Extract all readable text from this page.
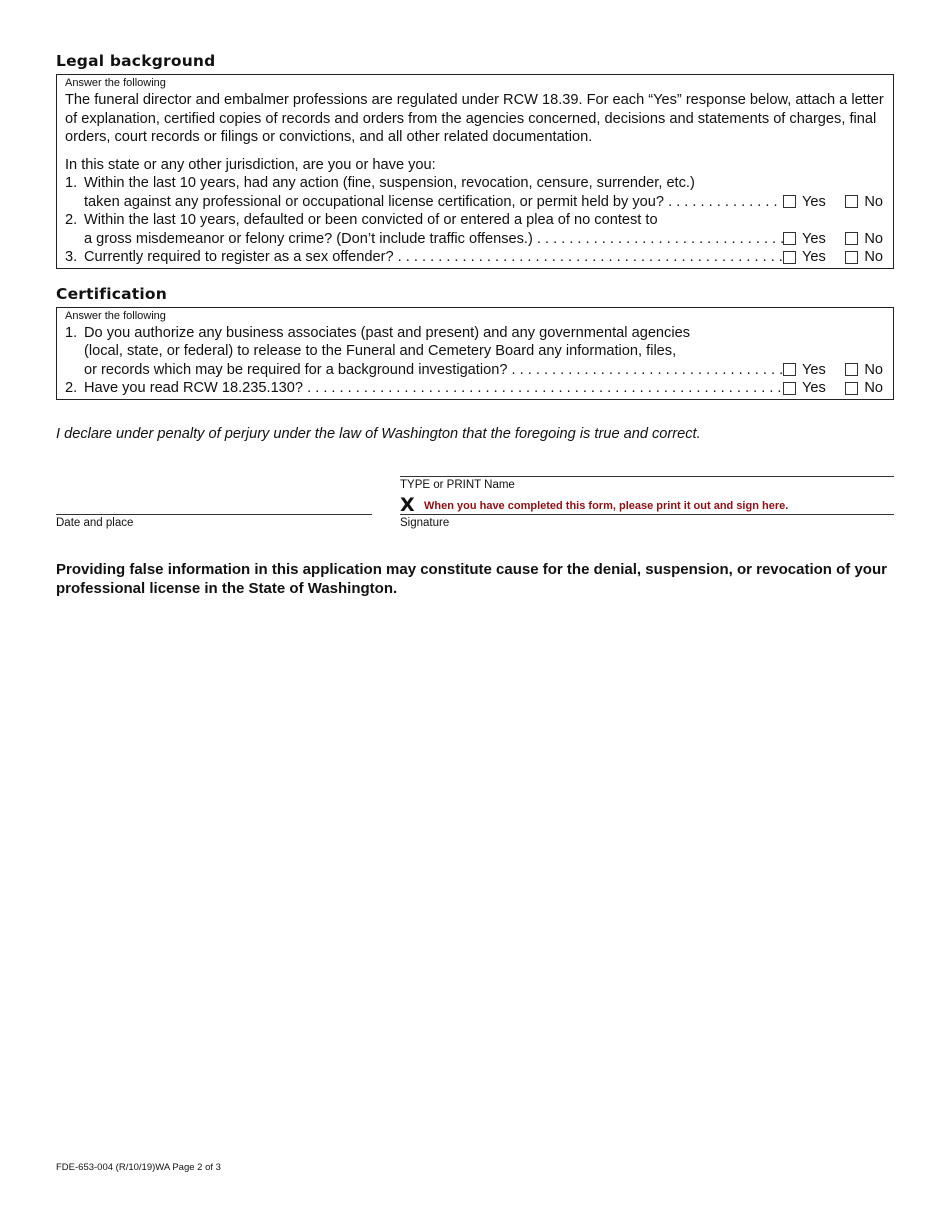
Legal background
Answer the following

The funeral director and embalmer professions are regulated under RCW 18.39. For each “Yes” response below, attach a letter of explanation, certified copies of records and orders from the agencies concerned, decisions and statements of charges, final orders, court records or filings or convictions, and all other related documentation.

In this state or any other jurisdiction, are you or have you:

1. Within the last 10 years, had any action (fine, suspension, revocation, censure, surrender, etc.)
taken against any professional or occupational license certification, or permit held by you? . . .	Yes	No
2. Within the last 10 years, defaulted or been convicted of or entered a plea of no contest to
a gross misdemeanor or felony crime? (Don’t include traffic offenses.) . . .	Yes	No
3. Currently required to register as a sex offender? . . .	Yes	No
Certification
Answer the following
1. Do you authorize any business associates (past and present) and any governmental agencies
(local, state, or federal) to release to the Funeral and Cemetery Board any information, files,
or records which may be required for a background investigation? . . .	Yes	No
2. Have you read RCW 18.235.130? . . .	Yes	No

I declare under penalty of perjury under the law of Washington that the foregoing is true and correct.

TYPE or PRINT Name
X When you have completed this form, please print it out and sign here.
Date and place	Signature

Providing false information in this application may constitute cause for the denial, suspension, or revocation of your professional license in the State of Washington.

FDE-653-004 (R/10/19)WA Page 2 of 3
